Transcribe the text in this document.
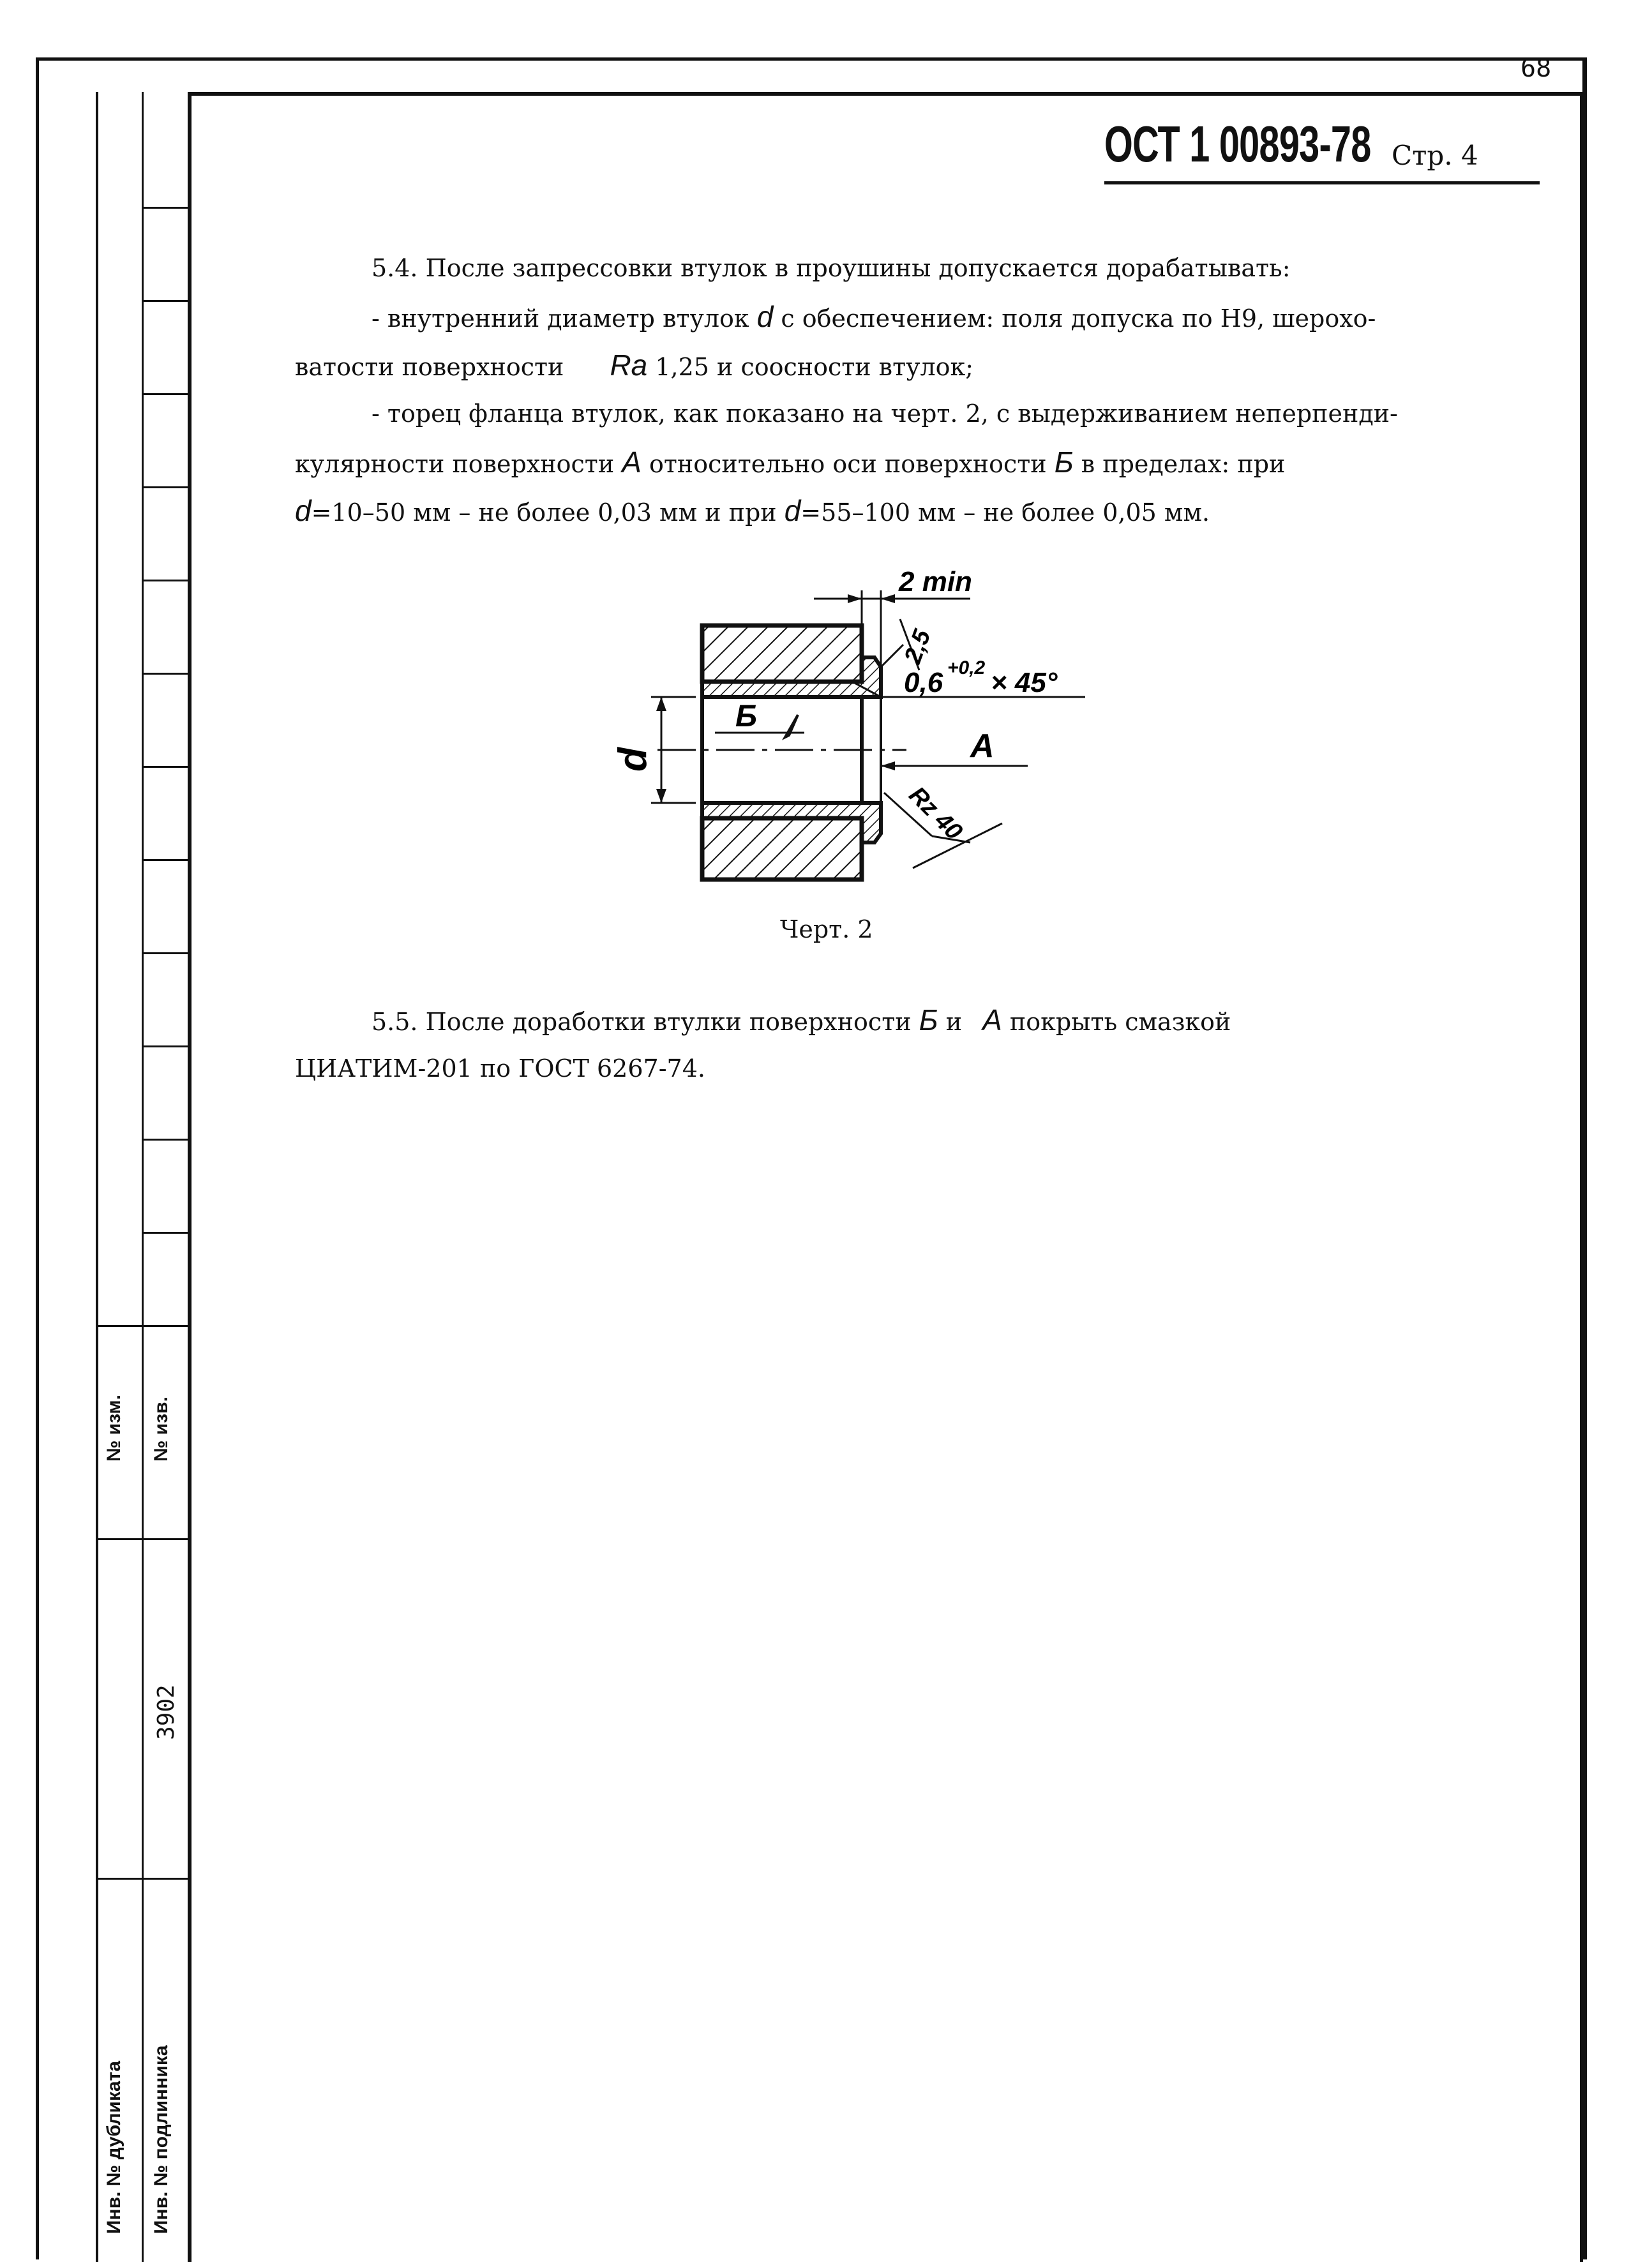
68
№ изм. № изв.
3902
Инв. № дубликата Инв. № подлинника
ОСТ 1 00893-78 Стр. 4
5.4. После запрессовки втулок в проушины допускается дорабатывать:
- внутренний диаметр втулок d с обеспечением: поля допуска по Н9, шерохо-
ватости поверхности Ra 1,25 и соосности втулок;
- торец фланца втулок, как показано на черт. 2, с выдерживанием неперпенди-
кулярности поверхности A относительно оси поверхности Б в пределах: при
d=10–50 мм – не более 0,03 мм и при d=55–100 мм – не более 0,05 мм.
d
2 min
2,5
0,6 +0,2 × 45°
Б
A
Rz 40
Черт. 2
5.5. После доработки втулки поверхности Б и A покрыть смазкой
ЦИАТИМ-201 по ГОСТ 6267-74.
